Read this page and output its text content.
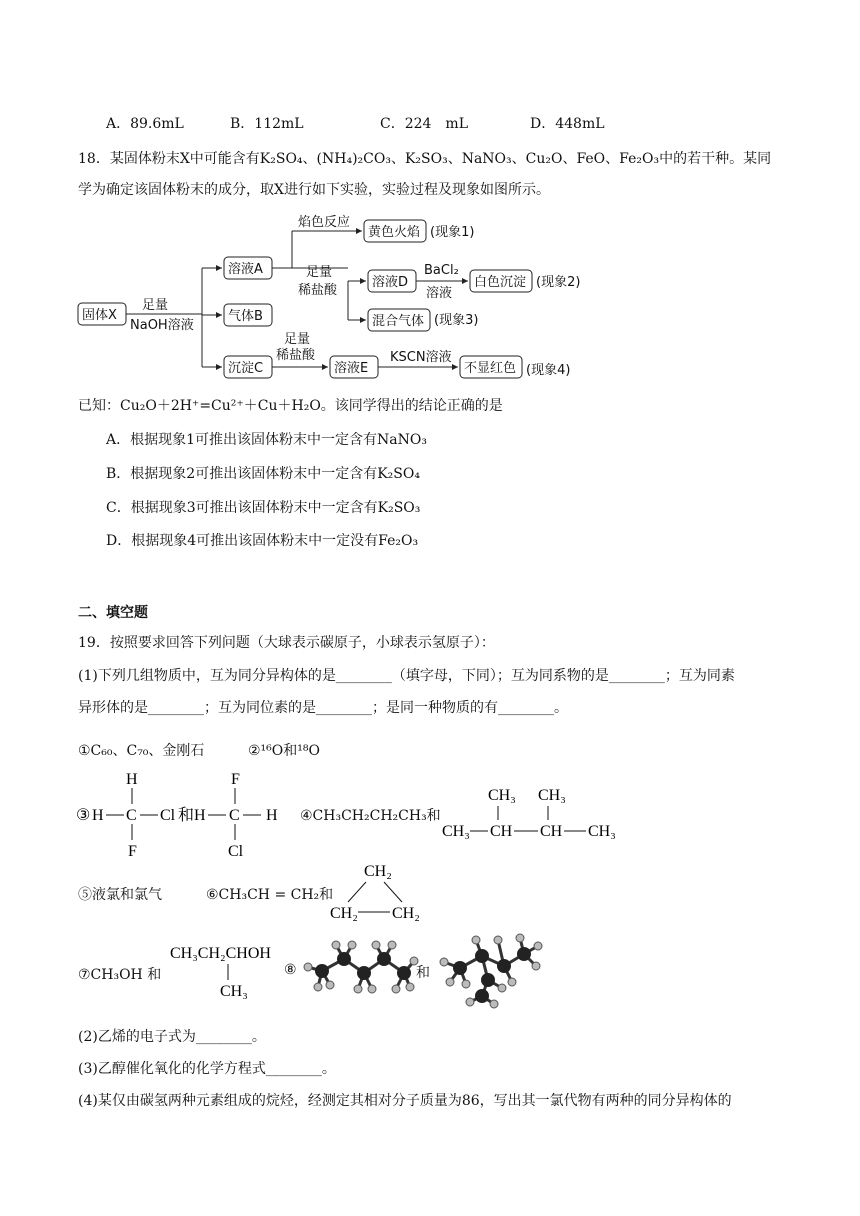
A．89.6mL	B．112mL	C．224　mL	D．448mL
18．某固体粉末X中可能含有K₂SO₄、(NH₄)₂CO₃、K₂SO₃、NaNO₃、Cu₂O、FeO、Fe₂O₃中的若干种。某同
学为确定该固体粉末的成分，取X进行如下实验，实验过程及现象如图所示。
固体X
足量
NaOH溶液
溶液A
气体B
沉淀C
焰色反应
黄色火焰 (现象1)
足量
稀盐酸
溶液D
BaCl₂
溶液
白色沉淀 (现象2)
混合气体 (现象3)
足量
稀盐酸
溶液E
KSCN溶液
不显红色 (现象4)
已知：Cu₂O＋2H⁺=Cu²⁺＋Cu＋H₂O。该同学得出的结论正确的是
A．根据现象1可推出该固体粉末中一定含有NaNO₃
B．根据现象2可推出该固体粉末中一定含有K₂SO₄
C．根据现象3可推出该固体粉末中一定含有K₂SO₃
D．根据现象4可推出该固体粉末中一定没有Fe₂O₃
二、填空题
19．按照要求回答下列问题（大球表示碳原子，小球表示氢原子）：
(1)下列几组物质中，互为同分异构体的是________（填字母，下同）；互为同系物的是________；互为同素
异形体的是________；互为同位素的是________；是同一种物质的有________。
①C₆₀、C₇₀、金刚石	②¹⁶O和¹⁸O
③ H C Cl
H
F
和 H C H
F
Cl
④CH₃CH₂CH₂CH₃和
CH₃ CH₃
CH₃ CH CH CH₃
⑤液氯和氯气	⑥CH₃CH = CH₂和
CH₂
CH₂ CH₂
⑦CH₃OH 和
CH₃CH₂CHOH
CH₃
⑧	和
(2)乙烯的电子式为________。
(3)乙醇催化氧化的化学方程式________。
(4)某仅由碳氢两种元素组成的烷烃，经测定其相对分子质量为86，写出其一氯代物有两种的同分异构体的
